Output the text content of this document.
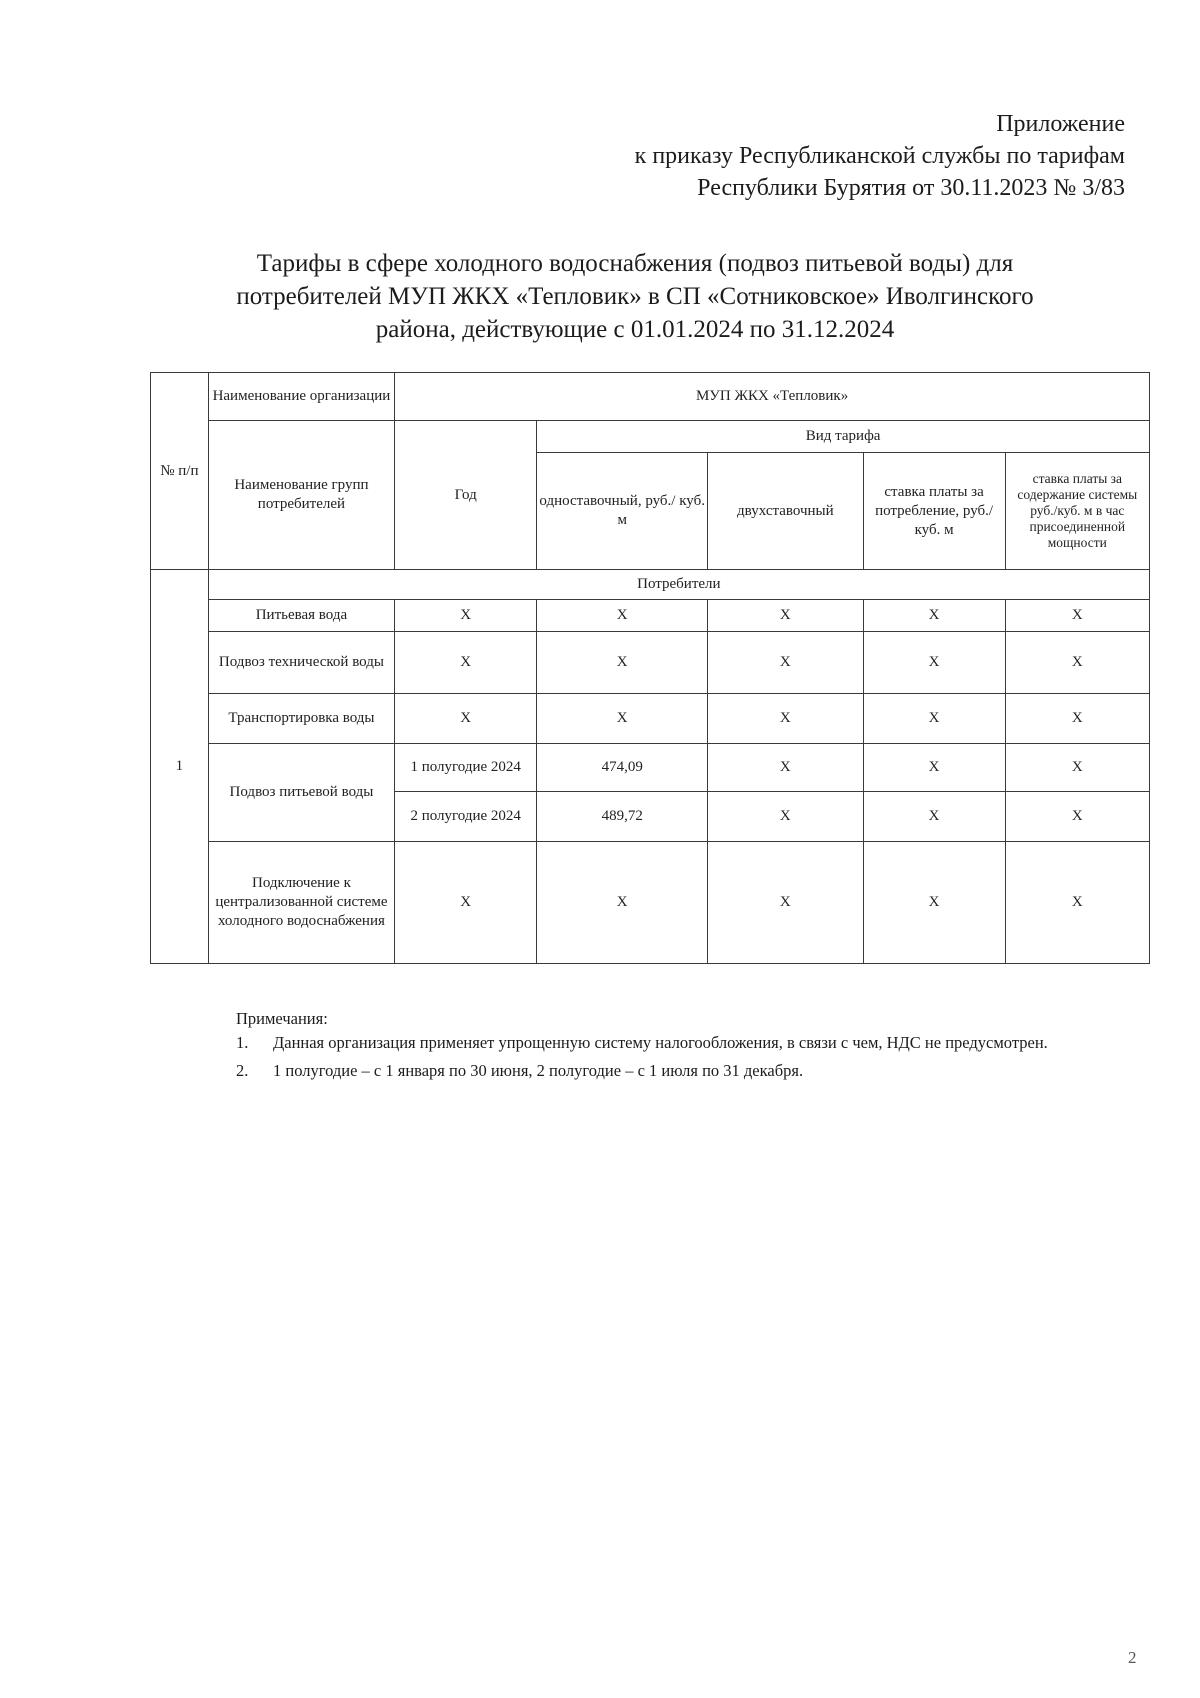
Приложение
к приказу Республиканской службы по тарифам
Республики Бурятия от 30.11.2023 № 3/83
Тарифы в сфере холодного водоснабжения (подвоз питьевой воды) для
потребителей МУП ЖКХ «Тепловик» в СП «Сотниковское» Иволгинского
района, действующие с 01.01.2024 по 31.12.2024
№ п/п	Наименование организации	МУП ЖКХ «Тепловик»				
	Наименование групп потребителей	Год	Вид тарифа			
			одноставочный, руб./ куб. м	двухставочный	ставка платы за потребление, руб./ куб. м	ставка платы за содержание системы руб./куб. м в час присоединенной мощности
1	Потребители					
	Питьевая вода	X	X	X	X	X
	Подвоз технической воды	X	X	X	X	X
	Транспортировка воды	X	X	X	X	X
	Подвоз питьевой воды	1 полугодие 2024	474,09	X	X	X
		2 полугодие 2024	489,72	X	X	X
	Подключение к централизованной системе холодного водоснабжения	X	X	X	X	X

Примечания:

1. Данная организация применяет упрощенную систему налогообложения, в связи с чем, НДС не предусмотрен.
2. 1 полугодие – с 1 января по 30 июня, 2 полугодие – с 1 июля по 31 декабря.
2
